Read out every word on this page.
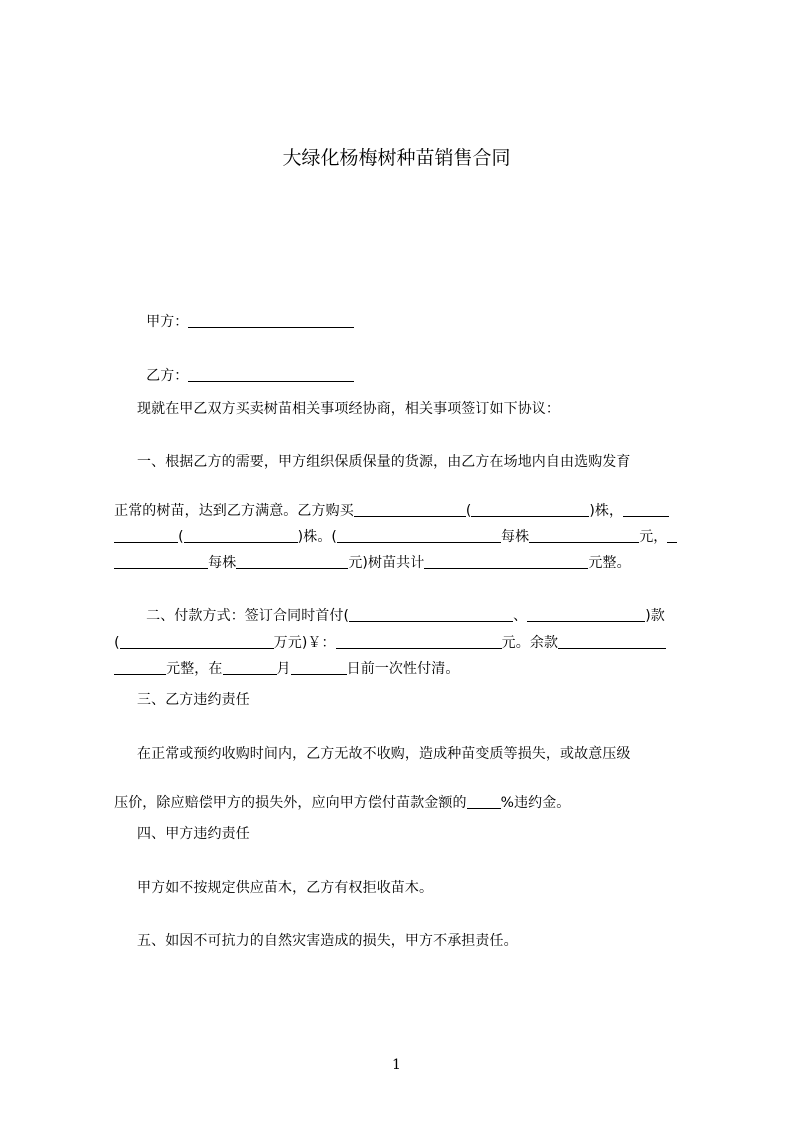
大绿化杨梅树种苗销售合同

甲方：

乙方：

现就在甲乙双方买卖树苗相关事项经协商，相关事项签订如下协议：
一、根据乙方的需要，甲方组织保质保量的货源，由乙方在场地内自由选购发育

正常的树苗，达到乙方满意。乙方购买	(	)株，

(	)株。(	每株	元，

每株	元)树苗共计	元整。

二、付款方式：签订合同时首付(	、	)款

(	万元)￥：	元。余款

元整，在	月	日前一次性付清。

三、乙方违约责任
在正常或预约收购时间内，乙方无故不收购，造成种苗变质等损失，或故意压级

压价，除应赔偿甲方的损失外，应向甲方偿付苗款金额的 %违约金。

四、甲方违约责任
甲方如不按规定供应苗木，乙方有权拒收苗木。
五、如因不可抗力的自然灾害造成的损失，甲方不承担责任。
1
